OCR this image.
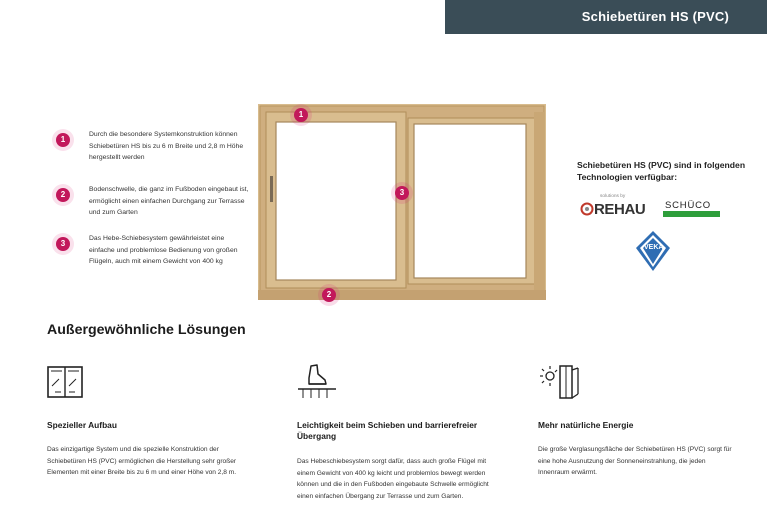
Schiebetüren HS (PVC)
1
Durch die besondere Systemkonstruktion können Schiebetüren HS bis zu 6 m Breite und 2,8 m Höhe hergestellt werden
2
Bodenschwelle, die ganz im Fußboden eingebaut ist, ermöglicht einen einfachen Durchgang zur Terrasse und zum Garten
3
Das Hebe-Schiebesystem gewährleistet eine einfache und problemlose Bedienung von großen Flügeln, auch mit einem Gewicht von 400 kg
1
3
2
Schiebetüren HS (PVC) sind in folgenden Technologien verfügbar:
solutions by
REHAU SCHÜCO
VEKA
Außergewöhnliche Lösungen
Spezieller Aufbau
Das einzigartige System und die spezielle Konstruktion der Schiebetüren HS (PVC) ermöglichen die Herstellung sehr großer Elementen mit einer Breite bis zu 6 m und einer Höhe von 2,8 m.
Leichtigkeit beim Schieben und barrierefreier Übergang
Das Hebeschiebesystem sorgt dafür, dass auch große Flügel mit einem Gewicht von 400 kg leicht und problemlos bewegt werden können und die in den Fußboden eingebaute Schwelle ermöglicht einen einfachen Übergang zur Terrasse und zum Garten.
Mehr natürliche Energie
Die große Verglasungsfläche der Schiebetüren HS (PVC) sorgt für eine hohe Ausnutzung der Sonneneinstrahlung, die jeden Innenraum erwärmt.
